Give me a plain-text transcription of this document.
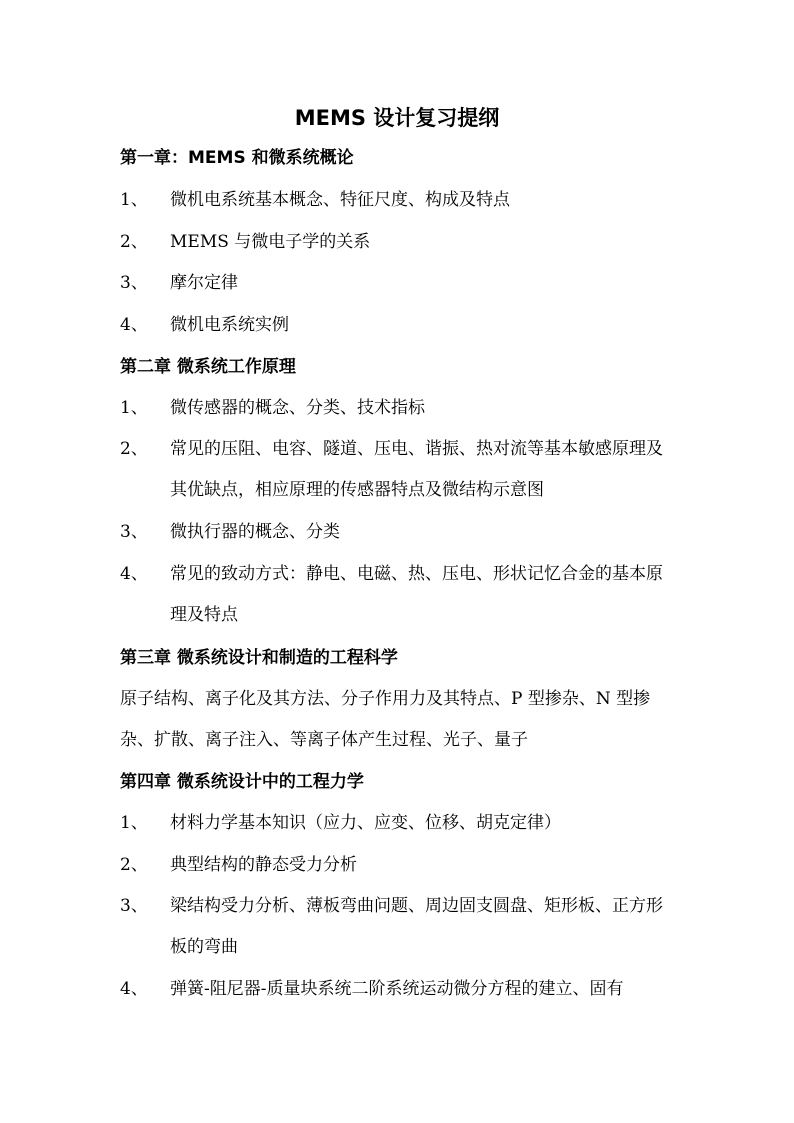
MEMS 设计复习提纲
第一章：MEMS 和微系统概论
1、	微机电系统基本概念、特征尺度、构成及特点
2、	MEMS 与微电子学的关系
3、	摩尔定律
4、	微机电系统实例
第二章 微系统工作原理
1、	微传感器的概念、分类、技术指标
2、	常见的压阻、电容、隧道、压电、谐振、热对流等基本敏感原理及其优缺点，相应原理的传感器特点及微结构示意图
3、	微执行器的概念、分类
4、	常见的致动方式：静电、电磁、热、压电、形状记忆合金的基本原理及特点
第三章 微系统设计和制造的工程科学

原子结构、离子化及其方法、分子作用力及其特点、P 型掺杂、N 型掺杂、扩散、离子注入、等离子体产生过程、光子、量子

第四章 微系统设计中的工程力学
1、	材料力学基本知识（应力、应变、位移、胡克定律）
2、	典型结构的静态受力分析
3、	梁结构受力分析、薄板弯曲问题、周边固支圆盘、矩形板、正方形板的弯曲
4、	弹簧-阻尼器-质量块系统二阶系统运动微分方程的建立、固有
